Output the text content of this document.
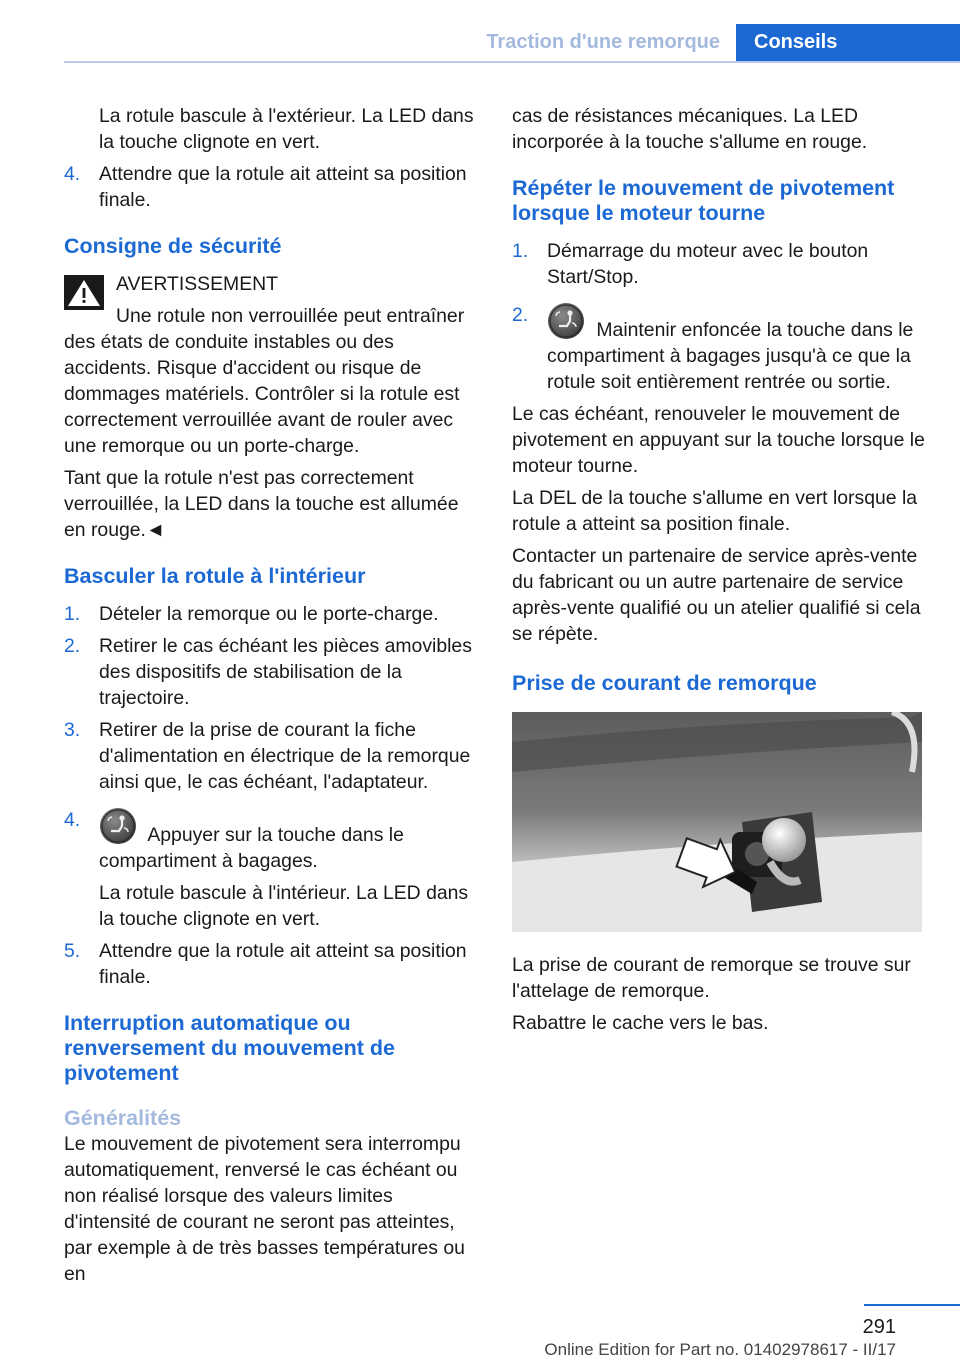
Traction d'une remorque Conseils

La rotule bascule à l'extérieur. La LED dans la touche clignote en vert.

4. Attendre que la rotule ait atteint sa position finale.
Consigne de sécurité

AVERTISSEMENT

Une rotule non verrouillée peut entraîner

des états de conduite instables ou des accidents. Risque d'accident ou risque de dommages matériels. Contrôler si la rotule est correctement verrouillée avant de rouler avec une remorque ou un porte-charge.

Tant que la rotule n'est pas correctement verrouillée, la LED dans la touche est allumée en rouge.◄

Basculer la rotule à l'intérieur
1. Dételer la remorque ou le porte-charge.
2. Retirer le cas échéant les pièces amovibles des dispositifs de stabilisation de la trajectoire.
3. Retirer de la prise de courant la fiche d'alimentation en électrique de la remorque ainsi que, le cas échéant, l'adaptateur.
4.
Appuyer sur la touche dans le compartiment à bagages.
La rotule bascule à l'intérieur. La LED dans la touche clignote en vert.
5. Attendre que la rotule ait atteint sa position finale.
Interruption automatique ou renversement du mouvement de pivotement
Généralités

Le mouvement de pivotement sera interrompu automatiquement, renversé le cas échéant ou non réalisé lorsque des valeurs limites d'intensité de courant ne seront pas atteintes, par exemple à de très basses températures ou en

cas de résistances mécaniques. La LED incorporée à la touche s'allume en rouge.

Répéter le mouvement de pivotement lorsque le moteur tourne
1. Démarrage du moteur avec le bouton Start/Stop.
2.
Maintenir enfoncée la touche dans le compartiment à bagages jusqu'à ce que la rotule soit entièrement rentrée ou sortie.

Le cas échéant, renouveler le mouvement de pivotement en appuyant sur la touche lorsque le moteur tourne.

La DEL de la touche s'allume en vert lorsque la rotule a atteint sa position finale.

Contacter un partenaire de service après-vente du fabricant ou un autre partenaire de service après-vente qualifié ou un atelier qualifié si cela se répète.

Prise de courant de remorque

La prise de courant de remorque se trouve sur l'attelage de remorque.

Rabattre le cache vers le bas.

291
Online Edition for Part no. 01402978617 - II/17
